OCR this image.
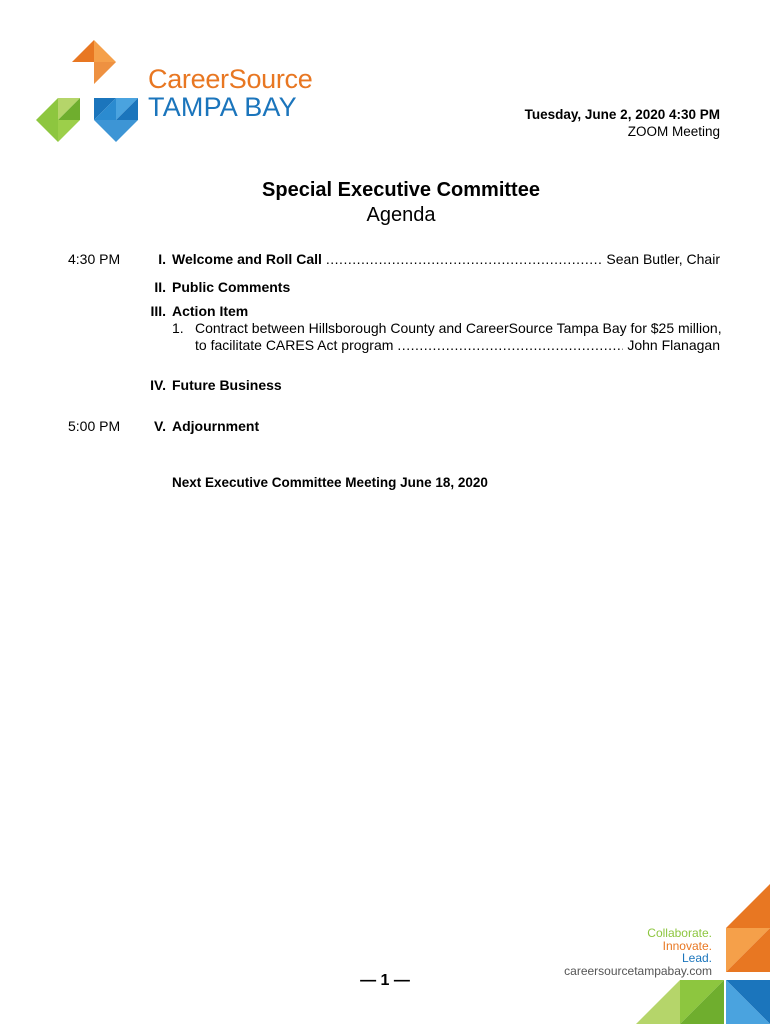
CareerSource
TAMPA BAY	Tuesday, June 2, 2020 4:30 PM
ZOOM Meeting
Special Executive Committee
Agenda
4:30 PM	I. Welcome and Roll Call .....	Sean Butler, Chair
II. Public Comments
III. Action Item
1. Contract between Hillsborough County and CareerSource Tampa Bay for $25 million,
to facilitate CARES Act program .....	John Flanagan
IV. Future Business
5:00 PM	V. Adjournment
Next Executive Committee Meeting June 18, 2020
Collaborate.
Innovate.
Lead.
careersourcetampabay.com
— 1 —
